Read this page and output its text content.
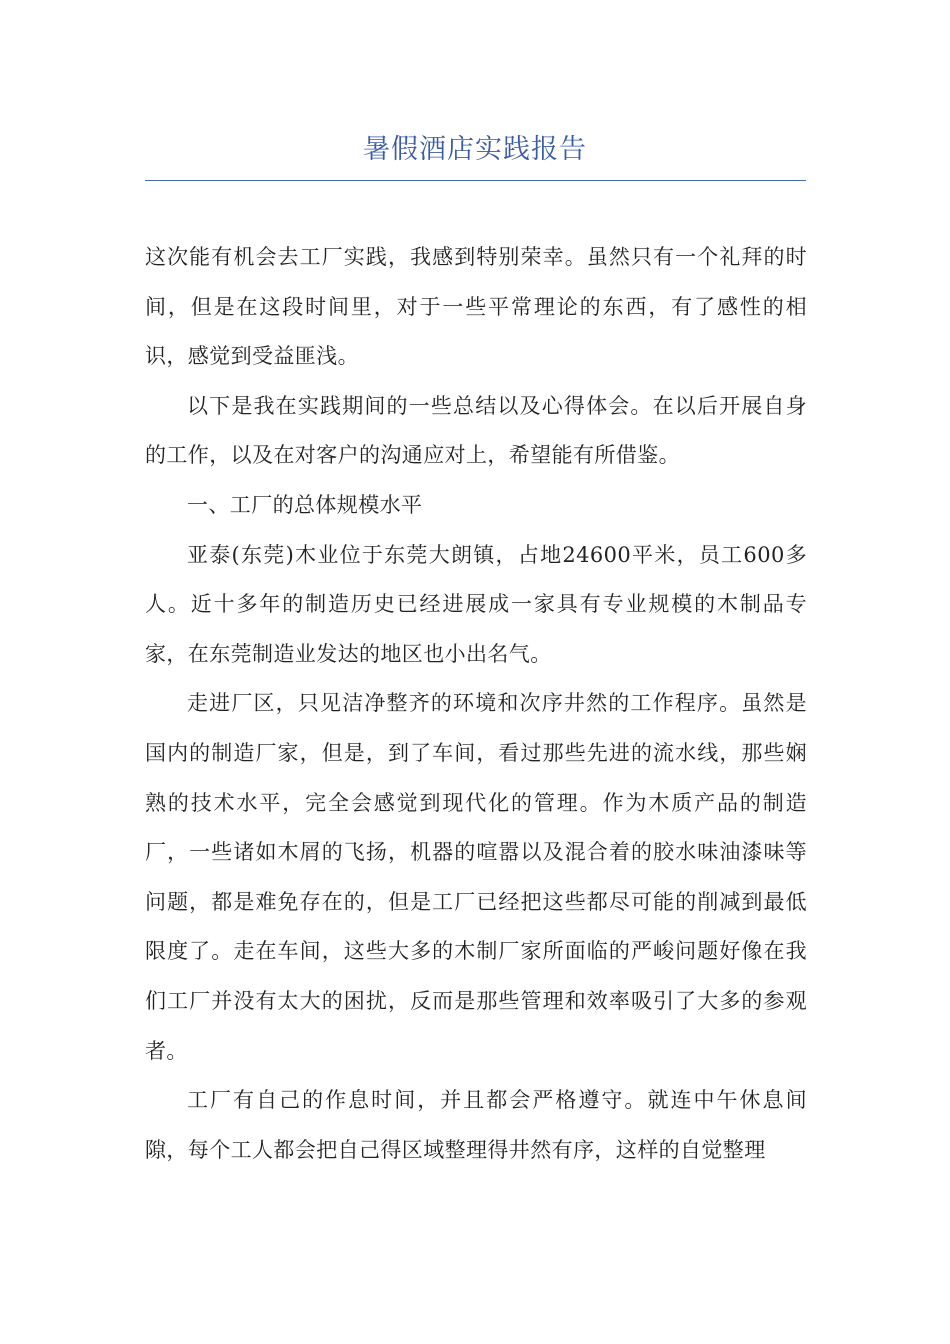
暑假酒店实践报告

这次能有机会去工厂实践，我感到特别荣幸。虽然只有一个礼拜的时间，但是在这段时间里，对于一些平常理论的东西，有了感性的相识，感觉到受益匪浅。

以下是我在实践期间的一些总结以及心得体会。在以后开展自身的工作，以及在对客户的沟通应对上，希望能有所借鉴。

一、工厂的总体规模水平

亚泰(东莞)木业位于东莞大朗镇，占地24600平米，员工600多人。近十多年的制造历史已经进展成一家具有专业规模的木制品专家，在东莞制造业发达的地区也小出名气。

走进厂区，只见洁净整齐的环境和次序井然的工作程序。虽然是国内的制造厂家，但是，到了车间，看过那些先进的流水线，那些娴熟的技术水平，完全会感觉到现代化的管理。作为木质产品的制造厂，一些诸如木屑的飞扬，机器的喧嚣以及混合着的胶水味油漆味等问题，都是难免存在的，但是工厂已经把这些都尽可能的削减到最低限度了。走在车间，这些大多的木制厂家所面临的严峻问题好像在我们工厂并没有太大的困扰，反而是那些管理和效率吸引了大多的参观者。

工厂有自己的作息时间，并且都会严格遵守。就连中午休息间隙，每个工人都会把自己得区域整理得井然有序，这样的自觉整理
